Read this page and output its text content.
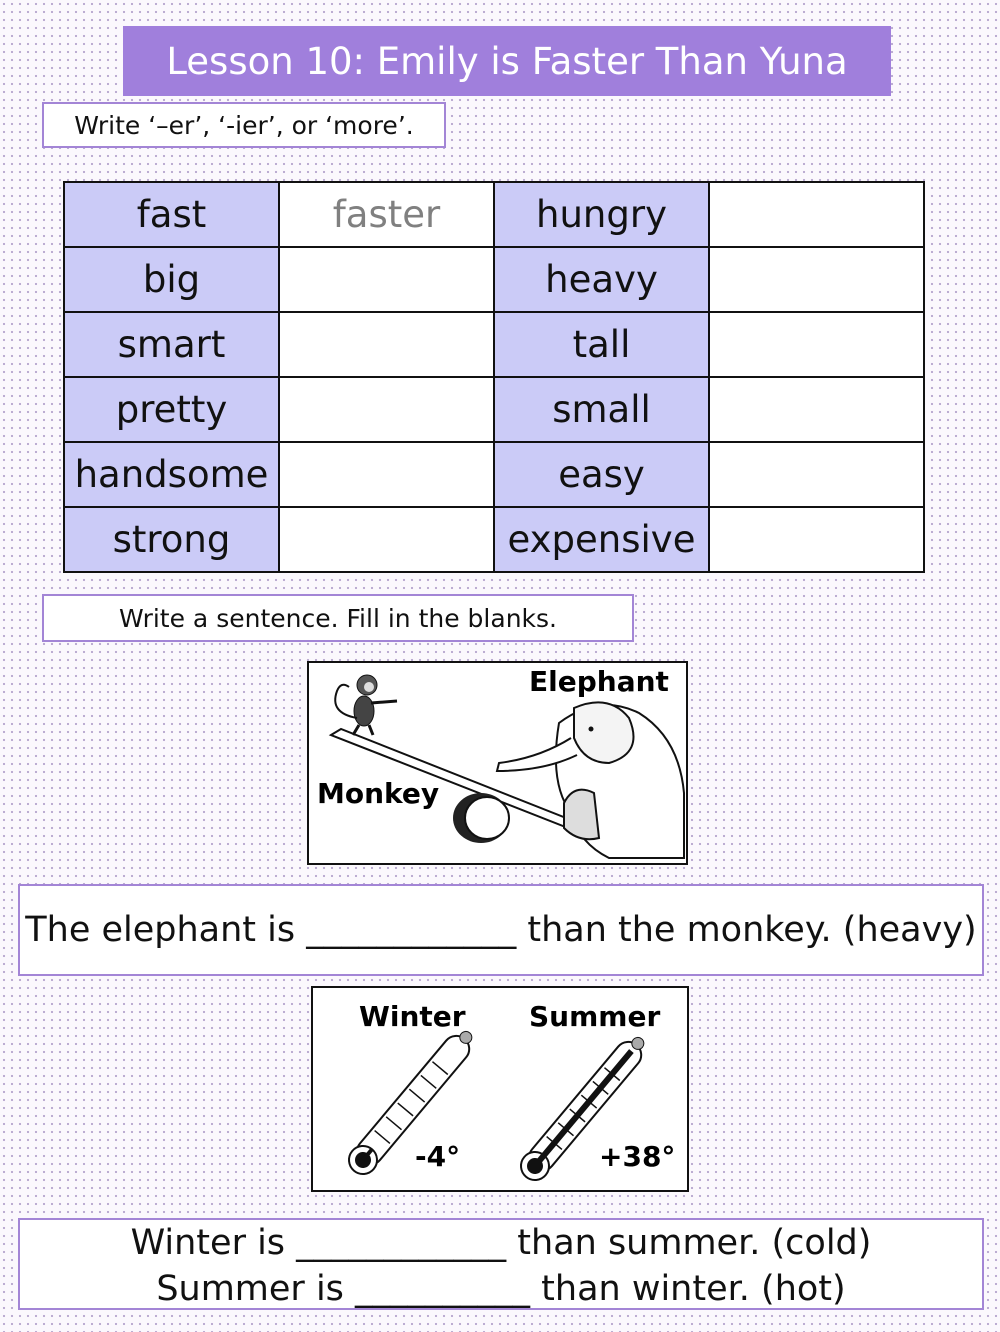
Lesson 10: Emily is Faster Than Yuna
Write ‘–er’, ‘-ier’, or ‘more’.
fast	faster	hungry	
big		heavy	
smart		tall	
pretty		small	
handsome		easy	
strong		expensive	
Write a sentence. Fill in the blanks.
Elephant
Monkey
The elephant is ____________ than the monkey. (heavy)
Winter Summer
-4°	+38°
Winter is ____________ than summer. (cold)
Summer is __________ than winter. (hot)
